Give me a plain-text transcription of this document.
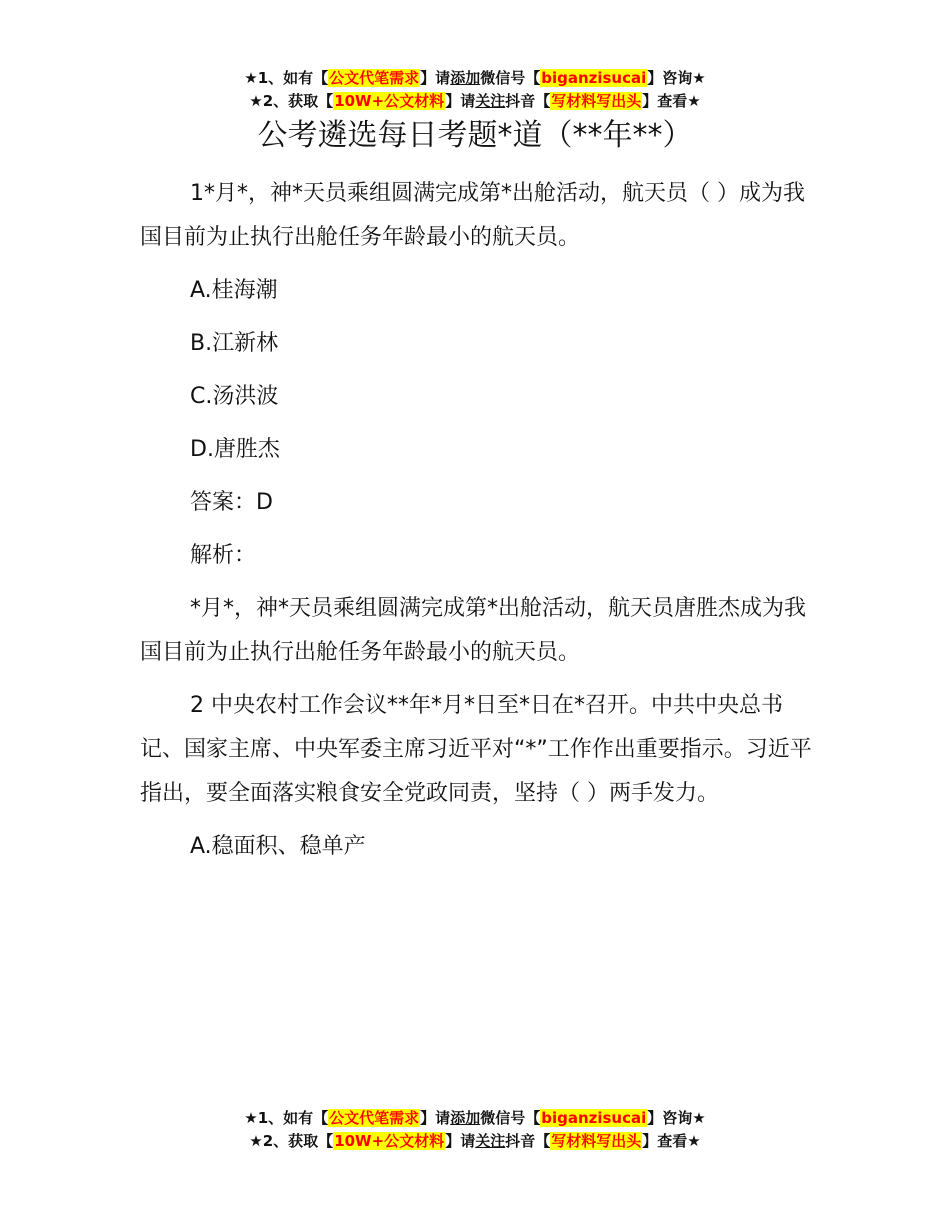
★1、如有【公文代笔需求】请添加微信号【biganzisucai】咨询★
★2、获取【10W+公文材料】请关注抖音【写材料写出头】查看★
公考遴选每日考题*道（**年**）

1*月*，神*天员乘组圆满完成第*出舱活动，航天员（ ）成为我国目前为止执行出舱任务年龄最小的航天员。

A.桂海潮

B.江新林

C.汤洪波

D.唐胜杰

答案：D

解析：

*月*，神*天员乘组圆满完成第*出舱活动，航天员唐胜杰成为我国目前为止执行出舱任务年龄最小的航天员。

2 中央农村工作会议**年*月*日至*日在*召开。中共中央总书记、国家主席、中央军委主席习近平对“*”工作作出重要指示。习近平指出，要全面落实粮食安全党政同责，坚持（ ）两手发力。

A.稳面积、稳单产

★1、如有【公文代笔需求】请添加微信号【biganzisucai】咨询★
★2、获取【10W+公文材料】请关注抖音【写材料写出头】查看★
